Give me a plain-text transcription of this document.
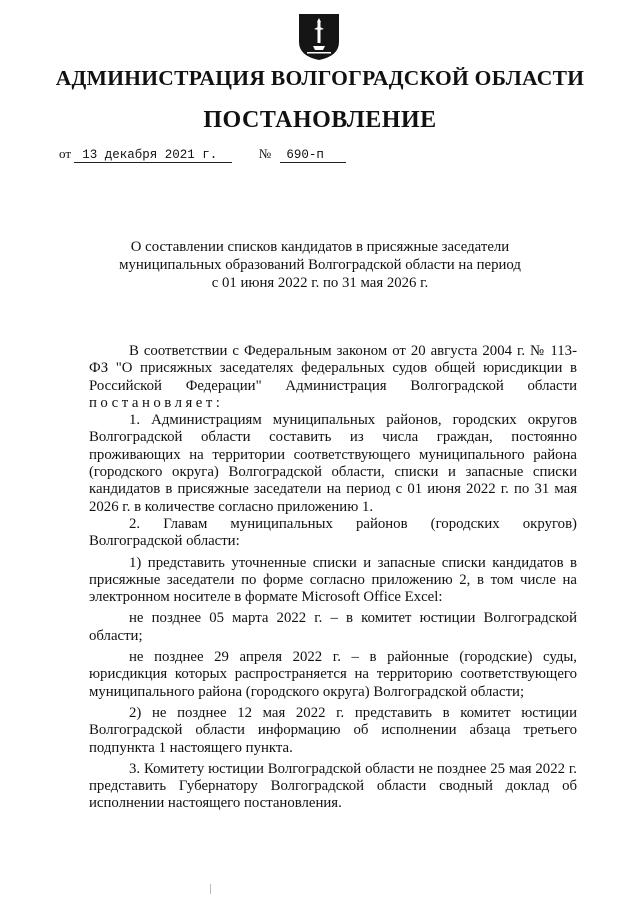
АДМИНИСТРАЦИЯ ВОЛГОГРАДСКОЙ ОБЛАСТИ
ПОСТАНОВЛЕНИЕ
от 13 декабря 2021 г.	№ 690-п
О составлении списков кандидатов в присяжные заседатели
муниципальных образований Волгоградской области на период
с 01 июня 2022 г. по 31 мая 2026 г.

В соответствии с Федеральным законом от 20 августа 2004 г. № 113-ФЗ "О присяжных заседателях федеральных судов общей юрисдикции в Российской Федерации" Администрация Волгоградской области постановляет:

1. Администрациям муниципальных районов, городских округов Волгоградской области составить из числа граждан, постоянно проживающих на территории соответствующего муниципального района (городского округа) Волгоградской области, списки и запасные списки кандидатов в присяжные заседатели на период с 01 июня 2022 г. по 31 мая 2026 г. в количестве согласно приложению 1.

2. Главам муниципальных районов (городских округов) Волгоградской области:

1) представить уточненные списки и запасные списки кандидатов в присяжные заседатели по форме согласно приложению 2, в том числе на электронном носителе в формате Microsoft Office Excel:

не позднее 05 марта 2022 г. – в комитет юстиции Волгоградской области;

не позднее 29 апреля 2022 г. – в районные (городские) суды, юрисдикция которых распространяется на территорию соответствующего муниципального района (городского округа) Волгоградской области;

2) не позднее 12 мая 2022 г. представить в комитет юстиции Волгоградской области информацию об исполнении абзаца третьего подпункта 1 настоящего пункта.

3. Комитету юстиции Волгоградской области не позднее 25 мая 2022 г. представить Губернатору Волгоградской области сводный доклад об исполнении настоящего постановления.
